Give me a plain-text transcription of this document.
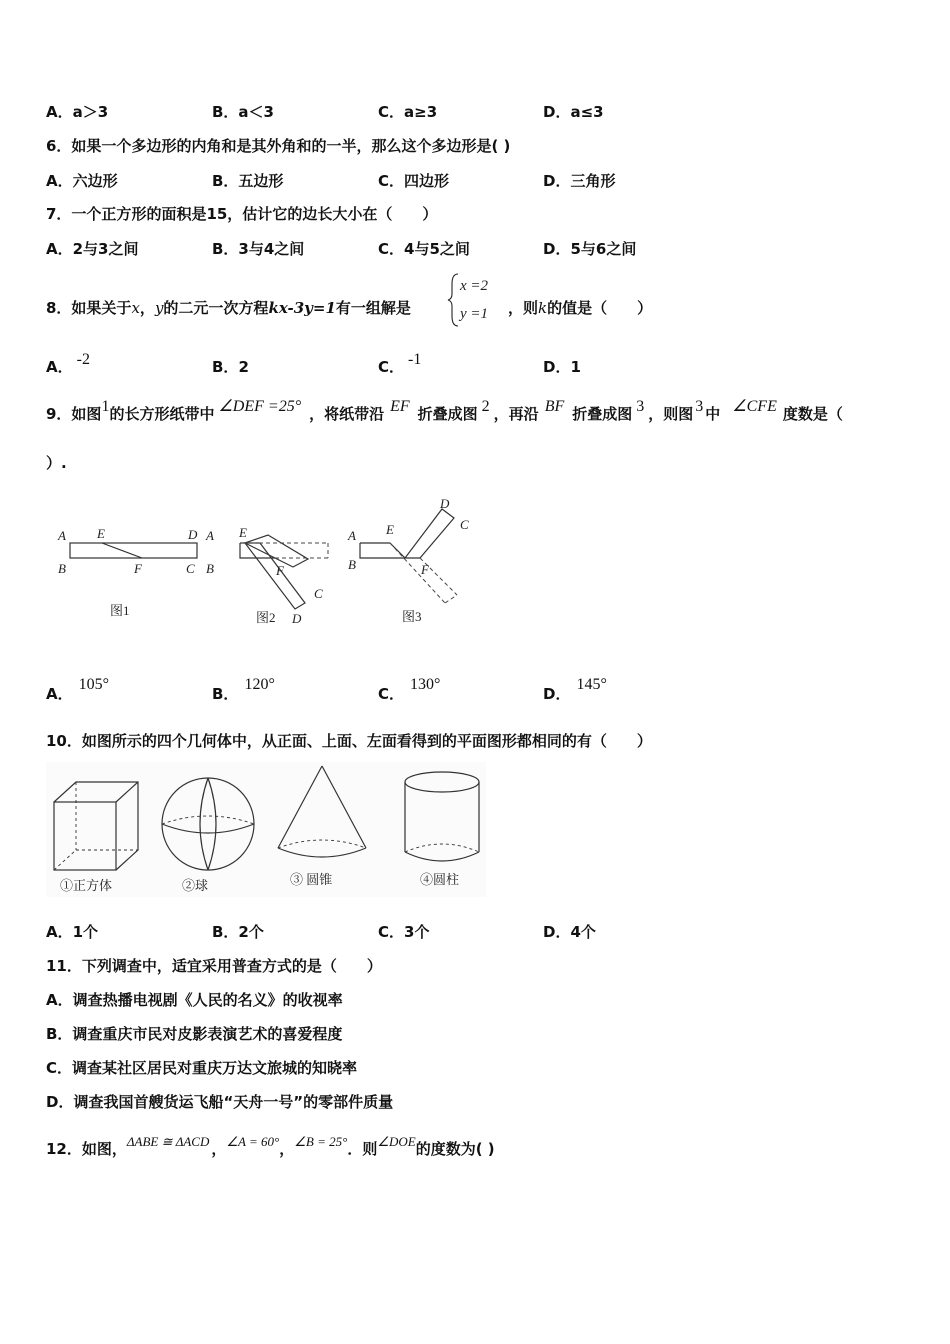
A．a＞3	B．a＜3	C．a≥3	D．a≤3
6．如果一个多边形的内角和是其外角和的一半，那么这个多边形是( )
A．六边形	B．五边形	C．四边形	D．三角形
7．一个正方形的面积是15，估计它的边长大小在（　　）
A．2与3之间	B．3与4之间	C．4与5之间	D．5与6之间
8．如果关于x，y的二元一次方程kx-3y=1有一组解是
x =2
y =1 ，则k的值是（　　）
A． -2	B．2	C． -1	D．1
9．如图1的长方形纸带中 ∠DEF =25° ，将纸带沿 EF 折叠成图 2 ，再沿 BF 折叠成图 3 ，则图 3 中 ∠CFE 度数是（
）.
A
B
E
F
D
C
图1
A
B
E
F
C
D
图2
A
B
E
F
D
C
图3
A．105°
B．120°
C．130°
D．145°
10．如图所示的四个几何体中，从正面、上面、左面看得到的平面图形都相同的有（　　）
①正方体	②球	③ 圆锥	④圆柱
A．1个	B．2个	C．3个	D．4个
11．下列调查中，适宜采用普查方式的是（　　）
A．调查热播电视剧《人民的名义》的收视率
B．调查重庆市民对皮影表演艺术的喜爱程度
C．调查某社区居民对重庆万达文旅城的知晓率
D．调查我国首艘货运飞船“天舟一号”的零部件质量
12．如图，ΔABE ≅ ΔACD ，∠A = 60°，∠B = 25°．则∠DOE的度数为( )
